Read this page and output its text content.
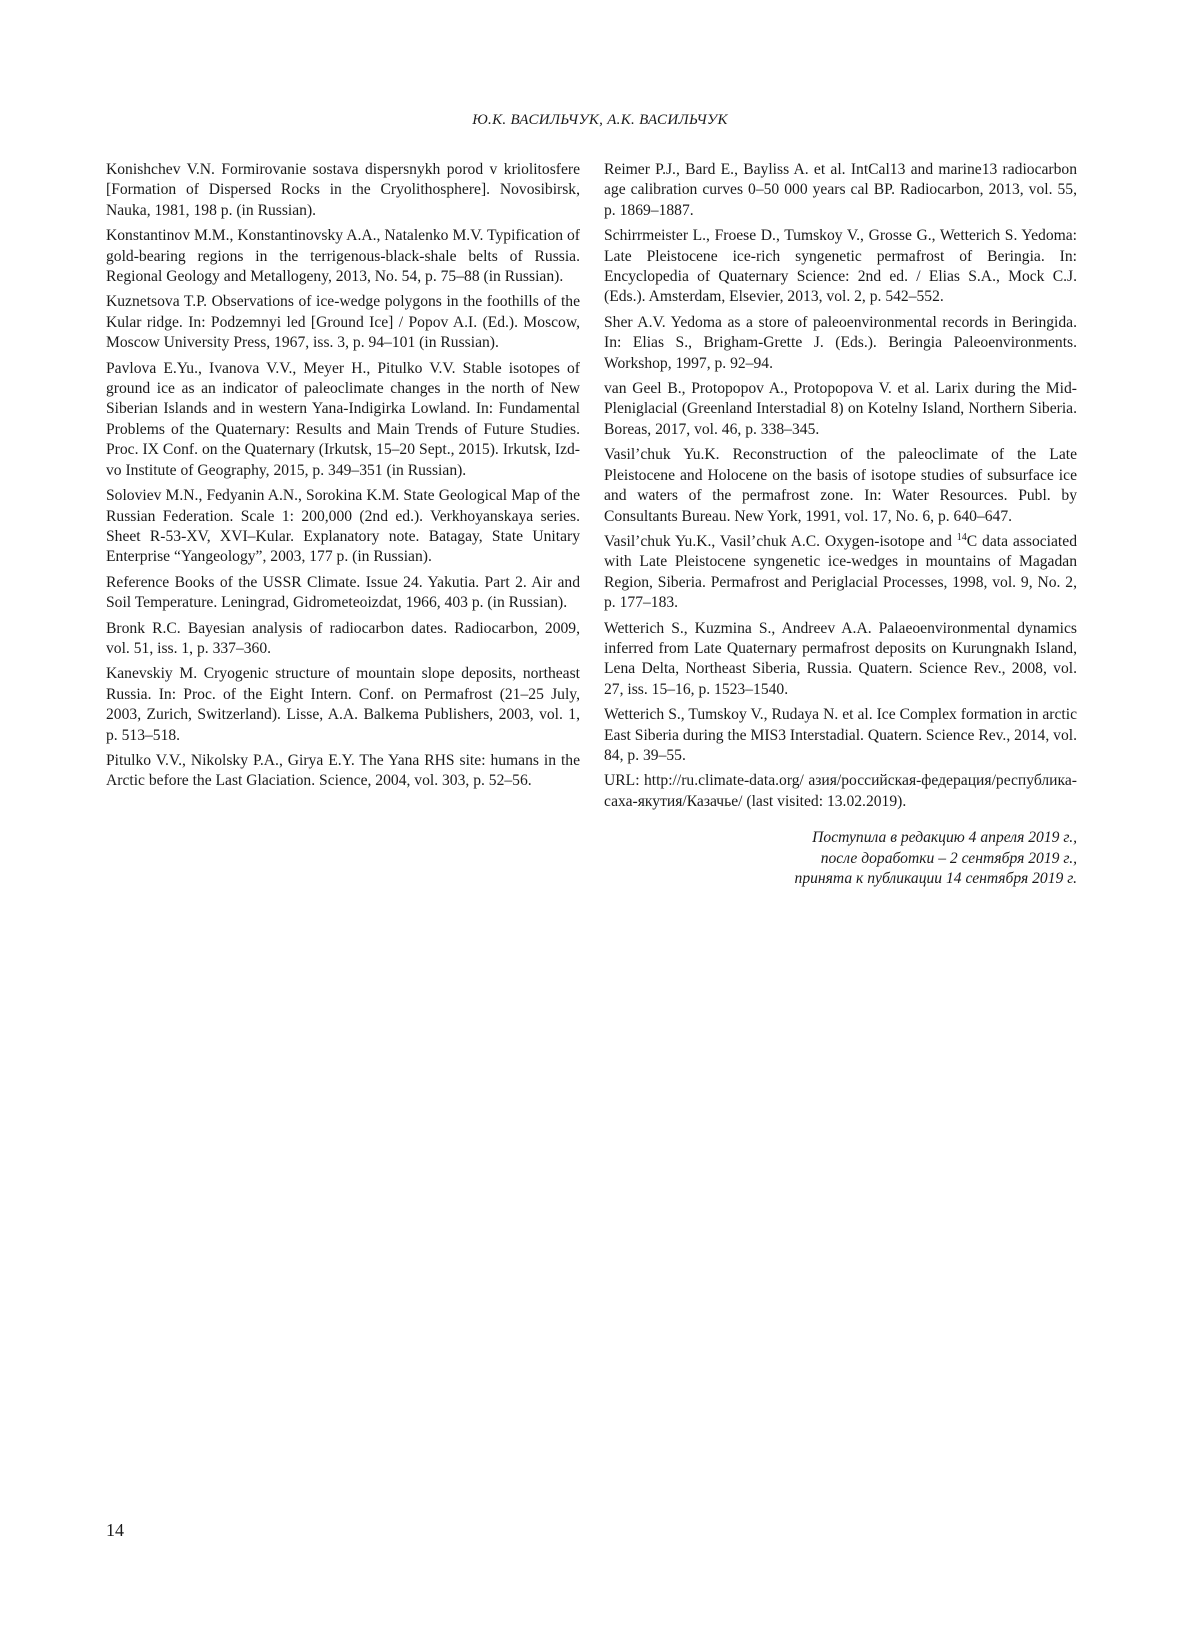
Ю.К. ВАСИЛЬЧУК, А.К. ВАСИЛЬЧУК

Konishchev V.N. Formirovanie sostava dispersnykh porod v kriolitosfere [Formation of Dispersed Rocks in the Cryolithosphere]. Novosibirsk, Nauka, 1981, 198 p. (in Russian).

Konstantinov M.M., Konstantinovsky A.A., Natalenko M.V. Typification of gold-bearing regions in the terrigenous-black-shale belts of Russia. Regional Geology and Metallogeny, 2013, No. 54, p. 75–88 (in Russian).

Kuznetsova T.P. Observations of ice-wedge polygons in the foothills of the Kular ridge. In: Podzemnyi led [Ground Ice] / Popov A.I. (Ed.). Moscow, Moscow University Press, 1967, iss. 3, p. 94–101 (in Russian).

Pavlova E.Yu., Ivanova V.V., Meyer H., Pitulko V.V. Stable isotopes of ground ice as an indicator of paleoclimate changes in the north of New Siberian Islands and in western Yana-Indigirka Lowland. In: Fundamental Problems of the Quaternary: Results and Main Trends of Future Studies. Proc. IX Conf. on the Quaternary (Irkutsk, 15–20 Sept., 2015). Irkutsk, Izd-vo Institute of Geography, 2015, p. 349–351 (in Russian).

Soloviev M.N., Fedyanin A.N., Sorokina K.M. State Geological Map of the Russian Federation. Scale 1: 200,000 (2nd ed.). Verkhoyanskaya series. Sheet R-53-XV, XVI–Kular. Explanatory note. Batagay, State Unitary Enterprise “Yangeology”, 2003, 177 p. (in Russian).

Reference Books of the USSR Climate. Issue 24. Yakutia. Part 2. Air and Soil Temperature. Leningrad, Gidrometeoizdat, 1966, 403 p. (in Russian).

Bronk R.C. Bayesian analysis of radiocarbon dates. Radiocarbon, 2009, vol. 51, iss. 1, p. 337–360.

Kanevskiy M. Cryogenic structure of mountain slope deposits, northeast Russia. In: Proc. of the Eight Intern. Conf. on Permafrost (21–25 July, 2003, Zurich, Switzerland). Lisse, A.A. Balkema Publishers, 2003, vol. 1, p. 513–518.

Pitulko V.V., Nikolsky P.A., Girya E.Y. The Yana RHS site: humans in the Arctic before the Last Glaciation. Science, 2004, vol. 303, p. 52–56.

Reimer P.J., Bard E., Bayliss A. et al. IntCal13 and marine13 radiocarbon age calibration curves 0–50 000 years cal BP. Radiocarbon, 2013, vol. 55, p. 1869–1887.

Schirrmeister L., Froese D., Tumskoy V., Grosse G., Wetterich S. Yedoma: Late Pleistocene ice-rich syngenetic permafrost of Beringia. In: Encyclopedia of Quaternary Science: 2nd ed. / Elias S.A., Mock C.J. (Eds.). Amsterdam, Elsevier, 2013, vol. 2, p. 542–552.

Sher A.V. Yedoma as a store of paleoenvironmental records in Beringida. In: Elias S., Brigham-Grette J. (Eds.). Beringia Paleoenvironments. Workshop, 1997, p. 92–94.

van Geel B., Protopopov A., Protopopova V. et al. Larix during the Mid-Pleniglacial (Greenland Interstadial 8) on Kotelny Island, Northern Siberia. Boreas, 2017, vol. 46, p. 338–345.

Vasil’chuk Yu.K. Reconstruction of the paleoclimate of the Late Pleistocene and Holocene on the basis of isotope studies of subsurface ice and waters of the permafrost zone. In: Water Resources. Publ. by Consultants Bureau. New York, 1991, vol. 17, No. 6, p. 640–647.

Vasil’chuk Yu.K., Vasil’chuk A.C. Oxygen-isotope and $^{14}$C data associated with Late Pleistocene syngenetic ice-wedges in mountains of Magadan Region, Siberia. Permafrost and Periglacial Processes, 1998, vol. 9, No. 2, p. 177–183.

Wetterich S., Kuzmina S., Andreev A.A. Palaeoenvironmental dynamics inferred from Late Quaternary permafrost deposits on Kurungnakh Island, Lena Delta, Northeast Siberia, Russia. Quatern. Science Rev., 2008, vol. 27, iss. 15–16, p. 1523–1540.

Wetterich S., Tumskoy V., Rudaya N. et al. Ice Complex formation in arctic East Siberia during the MIS3 Interstadial. Quatern. Science Rev., 2014, vol. 84, p. 39–55.

URL: http://ru.climate-data.org/ азия/российская-федерация/республика-саха-якутия/Казачье/ (last visited: 13.02.2019).

Поступила в редакцию 4 апреля 2019 г.,
после доработки – 2 сентября 2019 г.,
принята к публикации 14 сентября 2019 г.
14
